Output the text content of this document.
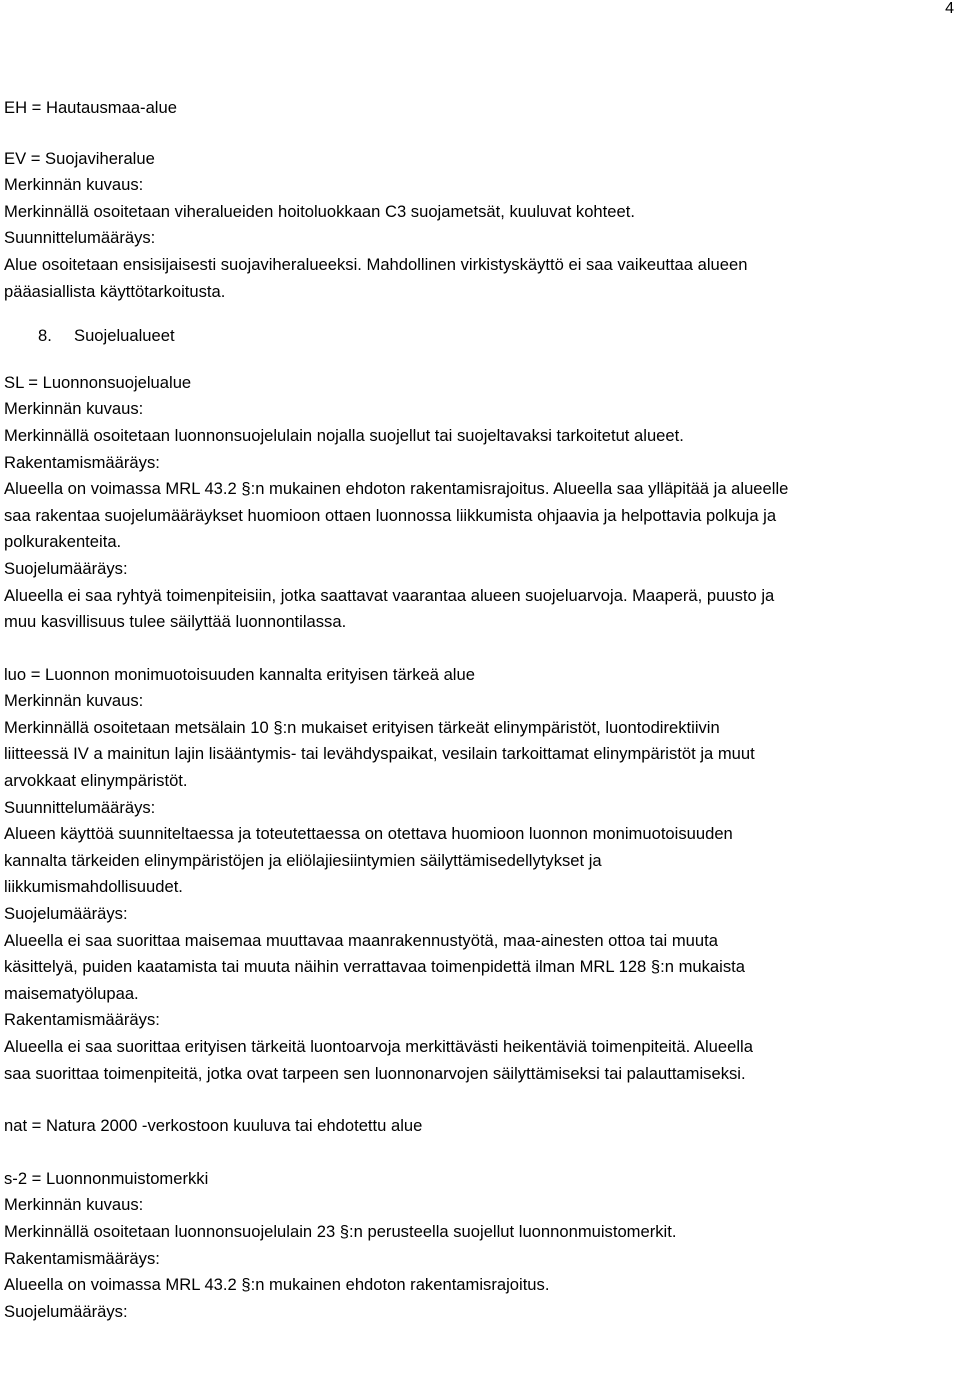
4

EH = Hautausmaa-alue

EV = Suojaviheralue

Merkinnän kuvaus:

Merkinnällä osoitetaan viheralueiden hoitoluokkaan C3 suojametsät, kuuluvat kohteet.

Suunnittelumääräys:

Alue osoitetaan ensisijaisesti suojaviheralueeksi. Mahdollinen virkistyskäyttö ei saa vaikeuttaa alueen

pääasiallista käyttötarkoitusta.

8. Suojelualueet

SL = Luonnonsuojelualue

Merkinnän kuvaus:

Merkinnällä osoitetaan luonnonsuojelulain nojalla suojellut tai suojeltavaksi tarkoitetut alueet.

Rakentamismääräys:

Alueella on voimassa MRL 43.2 §:n mukainen ehdoton rakentamisrajoitus. Alueella saa ylläpitää ja alueelle

saa rakentaa suojelumääräykset huomioon ottaen luonnossa liikkumista ohjaavia ja helpottavia polkuja ja

polkurakenteita.

Suojelumääräys:

Alueella ei saa ryhtyä toimenpiteisiin, jotka saattavat vaarantaa alueen suojeluarvoja. Maaperä, puusto ja

muu kasvillisuus tulee säilyttää luonnontilassa.

luo = Luonnon monimuotoisuuden kannalta erityisen tärkeä alue

Merkinnän kuvaus:

Merkinnällä osoitetaan metsälain 10 §:n mukaiset erityisen tärkeät elinympäristöt, luontodirektiivin

liitteessä IV a mainitun lajin lisääntymis- tai levähdyspaikat, vesilain tarkoittamat elinympäristöt ja muut

arvokkaat elinympäristöt.

Suunnittelumääräys:

Alueen käyttöä suunniteltaessa ja toteutettaessa on otettava huomioon luonnon monimuotoisuuden

kannalta tärkeiden elinympäristöjen ja eliölajiesiintymien säilyttämisedellytykset ja

liikkumismahdollisuudet.

Suojelumääräys:

Alueella ei saa suorittaa maisemaa muuttavaa maanrakennustyötä, maa-ainesten ottoa tai muuta

käsittelyä, puiden kaatamista tai muuta näihin verrattavaa toimenpidettä ilman MRL 128 §:n mukaista

maisematyölupaa.

Rakentamismääräys:

Alueella ei saa suorittaa erityisen tärkeitä luontoarvoja merkittävästi heikentäviä toimenpiteitä. Alueella

saa suorittaa toimenpiteitä, jotka ovat tarpeen sen luonnonarvojen säilyttämiseksi tai palauttamiseksi.

nat = Natura 2000 -verkostoon kuuluva tai ehdotettu alue

s-2 = Luonnonmuistomerkki

Merkinnän kuvaus:

Merkinnällä osoitetaan luonnonsuojelulain 23 §:n perusteella suojellut luonnonmuistomerkit.

Rakentamismääräys:

Alueella on voimassa MRL 43.2 §:n mukainen ehdoton rakentamisrajoitus.

Suojelumääräys:
